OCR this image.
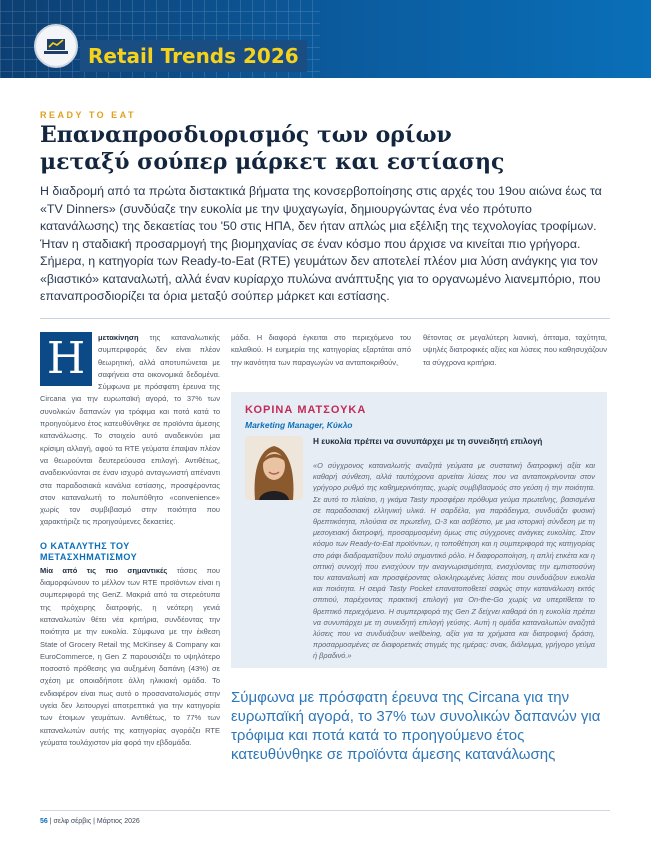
Retail Trends 2026
READY TO EAT
Επαναπροσδιορισμός των ορίων
μεταξύ σούπερ μάρκετ και εστίασης
Η διαδρομή από τα πρώτα διστακτικά βήματα της κονσερβοποίησης στις αρχές του 19ου αιώνα έως τα «TV Dinners» (συνδύαζε την ευκολία με την ψυχαγωγία, δημιουργώντας ένα νέο πρότυπο κατανάλωσης) της δεκαετίας του '50 στις ΗΠΑ, δεν ήταν απλώς μια εξέλιξη της τεχνολογίας τροφίμων. Ήταν η σταδιακή προσαρμογή της βιομηχανίας σε έναν κόσμο που άρχισε να κινείται πιο γρήγορα. Σήμερα, η κατηγορία των Ready-to-Eat (RTE) γευμάτων δεν αποτελεί πλέον μια λύση ανάγκης για τον «βιαστικό» καταναλωτή, αλλά έναν κυρίαρχο πυλώνα ανάπτυξης για το οργανωμένο λιανεμπόριο, που επαναπροσδιορίζει τα όρια μεταξύ σούπερ μάρκετ και εστίασης.
Η	μετακίνηση της καταναλωτικής συμπεριφοράς δεν είναι πλέον θεωρητική, αλλά αποτυπώνεται με σαφήνεια στα οικονομικά δεδομένα. Σύμφωνα με πρόσφατη έρευνα της Circana για την ευρωπαϊκή αγορά, το 37% των συνολικών δαπανών για τρόφιμα και ποτά κατά το προηγούμενο έτος κατευθύνθηκε σε προϊόντα άμεσης κατανάλωσης. Το στοιχείο αυτό αναδεικνύει μια κρίσιμη αλλαγή, αφού τα RTE γεύματα έπαψαν πλέον να θεωρούνται δευτερεύουσα επιλογή. Αντιθέτως, αναδεικνύονται σε έναν ισχυρό ανταγωνιστή απέναντι στα παραδοσιακά κανάλια εστίασης, προσφέροντας στον καταναλωτή το πολυπόθητο «convenience» χωρίς τον συμβιβασμό στην ποιότητα που χαρακτήριζε τις προηγούμενες δεκαετίες.

Ο ΚΑΤΑΛΥΤΗΣ ΤΟΥ ΜΕΤΑΣΧΗΜΑΤΙΣΜΟΥ

Μία από τις πιο σημαντικές τάσεις που διαμορφώνουν το μέλλον των RTE προϊόντων είναι η συμπεριφορά της GenZ. Μακριά από τα στερεότυπα της πρόχειρης διατροφής, η νεότερη γενιά καταναλωτών θέτει νέα κριτήρια, συνδέοντας την ποιότητα με την ευκολία. Σύμφωνα με την έκθεση State of Grocery Retail της McKinsey & Company και EuroCommerce, η Gen Z παρουσιάζει το υψηλότερο ποσοστό πρόθεσης για αυξημένη δαπάνη (43%) σε σχέση με οποιαδήποτε άλλη ηλικιακή ομάδα. Το ενδιαφέρον είναι πως αυτό ο προσανατολισμός στην υγεία δεν λειτουργεί αποτρεπτικά για την κατηγορία των έτοιμων γευμάτων. Αντιθέτως, το 77% των καταναλωτών αυτής της κατηγορίας αγοράζει RTE γεύματα τουλάχιστον μία φορά την εβδομάδα.

μάδα. Η διαφορά έγκειται στο περιεχόμενο του καλαθιού. Η ευημερία της κατηγορίας εξαρτάται από την ικανότητα των παραγωγών να ανταποκριθούν,

θέτοντας σε μεγαλύτερη λιανική, όπταμα, ταχύτητα, υψηλές διατροφικές αξίες και λύσεις που καθησυχάζουν τα σύγχρονα κριτήρια.

ΚΟΡΙΝΑ ΜΑΤΣΟΥΚΑ
Marketing Manager, Κύκλο
Η ευκολία πρέπει να συνυπάρχει με τη συνειδητή επιλογή
«Ο σύγχρονος καταναλωτής αναζητά γεύματα με συστατική διατροφική αξία και καθαρή σύνθεση, αλλά ταυτόχρονα αρνείται λύσεις που να ανταποκρίνονται στον γρήγορο ρυθμό της καθημερινότητας, χωρίς συμβιβασμούς στο γεύση ή την ποιότητα. Σε αυτό το πλαίσιο, η γκάμα Tasty προσφέρει πρόθυμα γεύμα πρωτεΐνης, βασισμένα σε παραδοσιακή ελληνική υλικά. Η σαρδέλα, για παράδειγμα, συνδυάζει φυσική θρεπτικότητα, πλούσια σε πρωτεΐνη, Ω-3 και ασβέστιο, με μια ιστορική σύνδεση με τη μεσογειακή διατροφή, προσαρμοσμένη όμως στις σύγχρονες ανάγκες ευκολίας. Στον κόσμο των Ready-to-Eat προϊόντων, η τοποθέτηση και η συμπεριφορά της κατηγορίας στο ράφι διαδραματίζουν πολύ σημαντικό ρόλο. Η διαφοροποίηση, η απλή ετικέτα και η οπτική συνοχή που ενισχύουν την αναγνωρισιμότητα, ενισχύοντας την εμπιστοσύνη του καταναλωτή και προσφέροντας ολοκληρωμένες λύσεις που συνδυάζουν ευκολία και ποιότητα. Η σειρά Tasty Pocket επανατοποθετεί σαφώς στην κατανάλωση εκτός σπιτιού, παρέχοντας πρακτική επιλογή για On-the-Go χωρίς να υπερτίθεται το θρεπτικό περιεχόμενο. Η συμπεριφορά της Gen Z δείχνει καθαρά ότι η ευκολία πρέπει να συνυπάρχει με τη συνειδητή επιλογή γεύσης. Αυτή η ομάδα καταναλωτών αναζητά λύσεις που να συνδυάζουν wellbeing, αξία για τα χρήματα και διατροφική δράση, προσαρμοσμένες σε διαφορετικές στιγμές της ημέρας: σνακ, διάλειμμα, γρήγορο γεύμα ή βραδινό.»
Σύμφωνα με πρόσφατη έρευνα της Circana για την ευρωπαϊκή αγορά, το 37% των συνολικών δαπανών για τρόφιμα και ποτά κατά το προηγούμενο έτος κατευθύνθηκε σε προϊόντα άμεσης κατανάλωσης
56 | σελφ σέρβις | Μάρτιος 2026
